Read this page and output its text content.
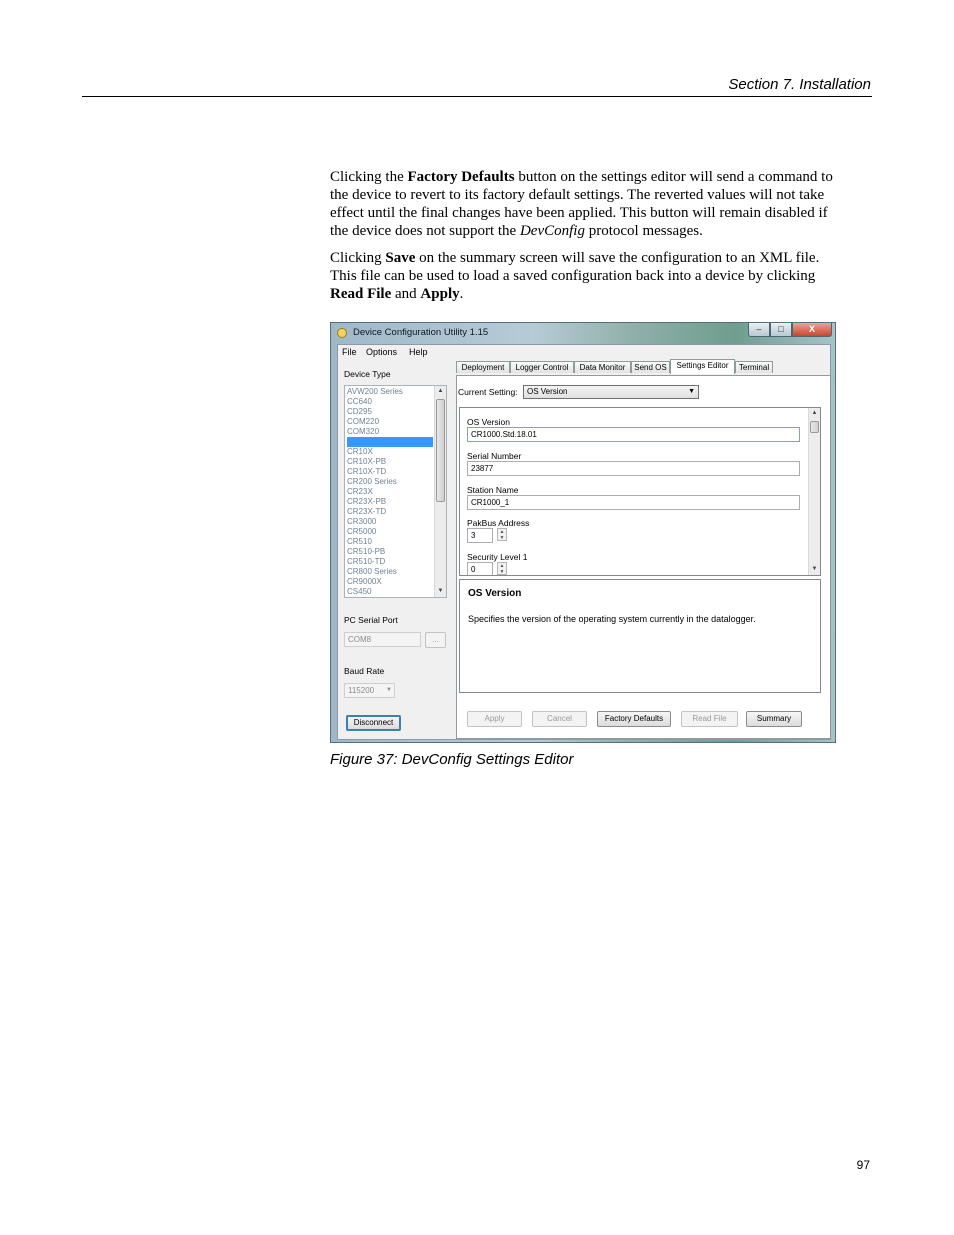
Section 7. Installation

Clicking the Factory Defaults button on the settings editor will send a command to the device to revert to its factory default settings. The reverted values will not take effect until the final changes have been applied. This button will remain disabled if the device does not support the DevConfig protocol messages.

Clicking Save on the summary screen will save the configuration to an XML file. This file can be used to load a saved configuration back into a device by clicking Read File and Apply.

Device Configuration Utility 1.15	–	□	X
File Options Help
Device Type
AVW200 Series
CC640
CD295
COM220
COM320
CR1000
CR10X
CR10X-PB
CR10X-TD
CR200 Series
CR23X
CR23X-PB
CR23X-TD
CR3000
CR5000
CR510
CR510-PB
CR510-TD
CR800 Series
CR9000X
CS450
▲
▼
PC Serial Port
COM8	...
Baud Rate
115200 ▼
Disconnect
Deployment	Logger Control	Data Monitor	Send OS	Settings Editor	Terminal
Current Setting:	OS Version	▼
OS Version
CR1000.Std.18.01
Serial Number
23877
Station Name
CR1000_1
PakBus Address
3	▲
▼
Security Level 1
0	▲
▼
▲
▼
OS Version
Specifies the version of the operating system currently in the datalogger.
Apply	Cancel	Factory Defaults	Read File	Summary
Figure 37: DevConfig Settings Editor
97
